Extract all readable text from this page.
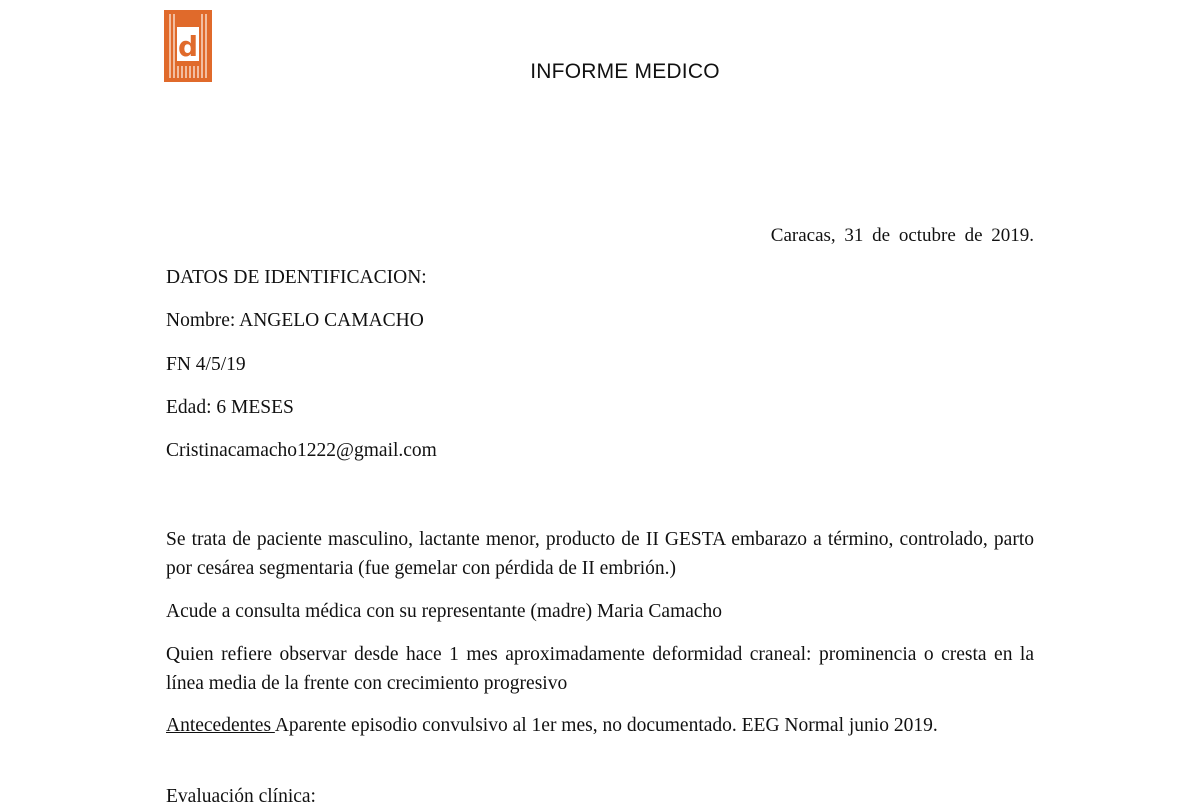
d
INFORME MEDICO
Caracas, 31 de octubre de 2019.
DATOS DE IDENTIFICACION:
Nombre: ANGELO CAMACHO
FN 4/5/19
Edad: 6 MESES
Cristinacamacho1222@gmail.com
Se trata de paciente masculino, lactante menor, producto de II GESTA embarazo a término, controlado, parto por cesárea segmentaria (fue gemelar con pérdida de II embrión.)
Acude a consulta médica con su representante (madre) Maria Camacho
Quien refiere observar desde hace 1 mes aproximadamente deformidad craneal: prominencia o cresta en la línea media de la frente con crecimiento progresivo
Antecedentes Aparente episodio convulsivo al 1er mes, no documentado. EEG Normal junio 2019.
Evaluación clínica:
